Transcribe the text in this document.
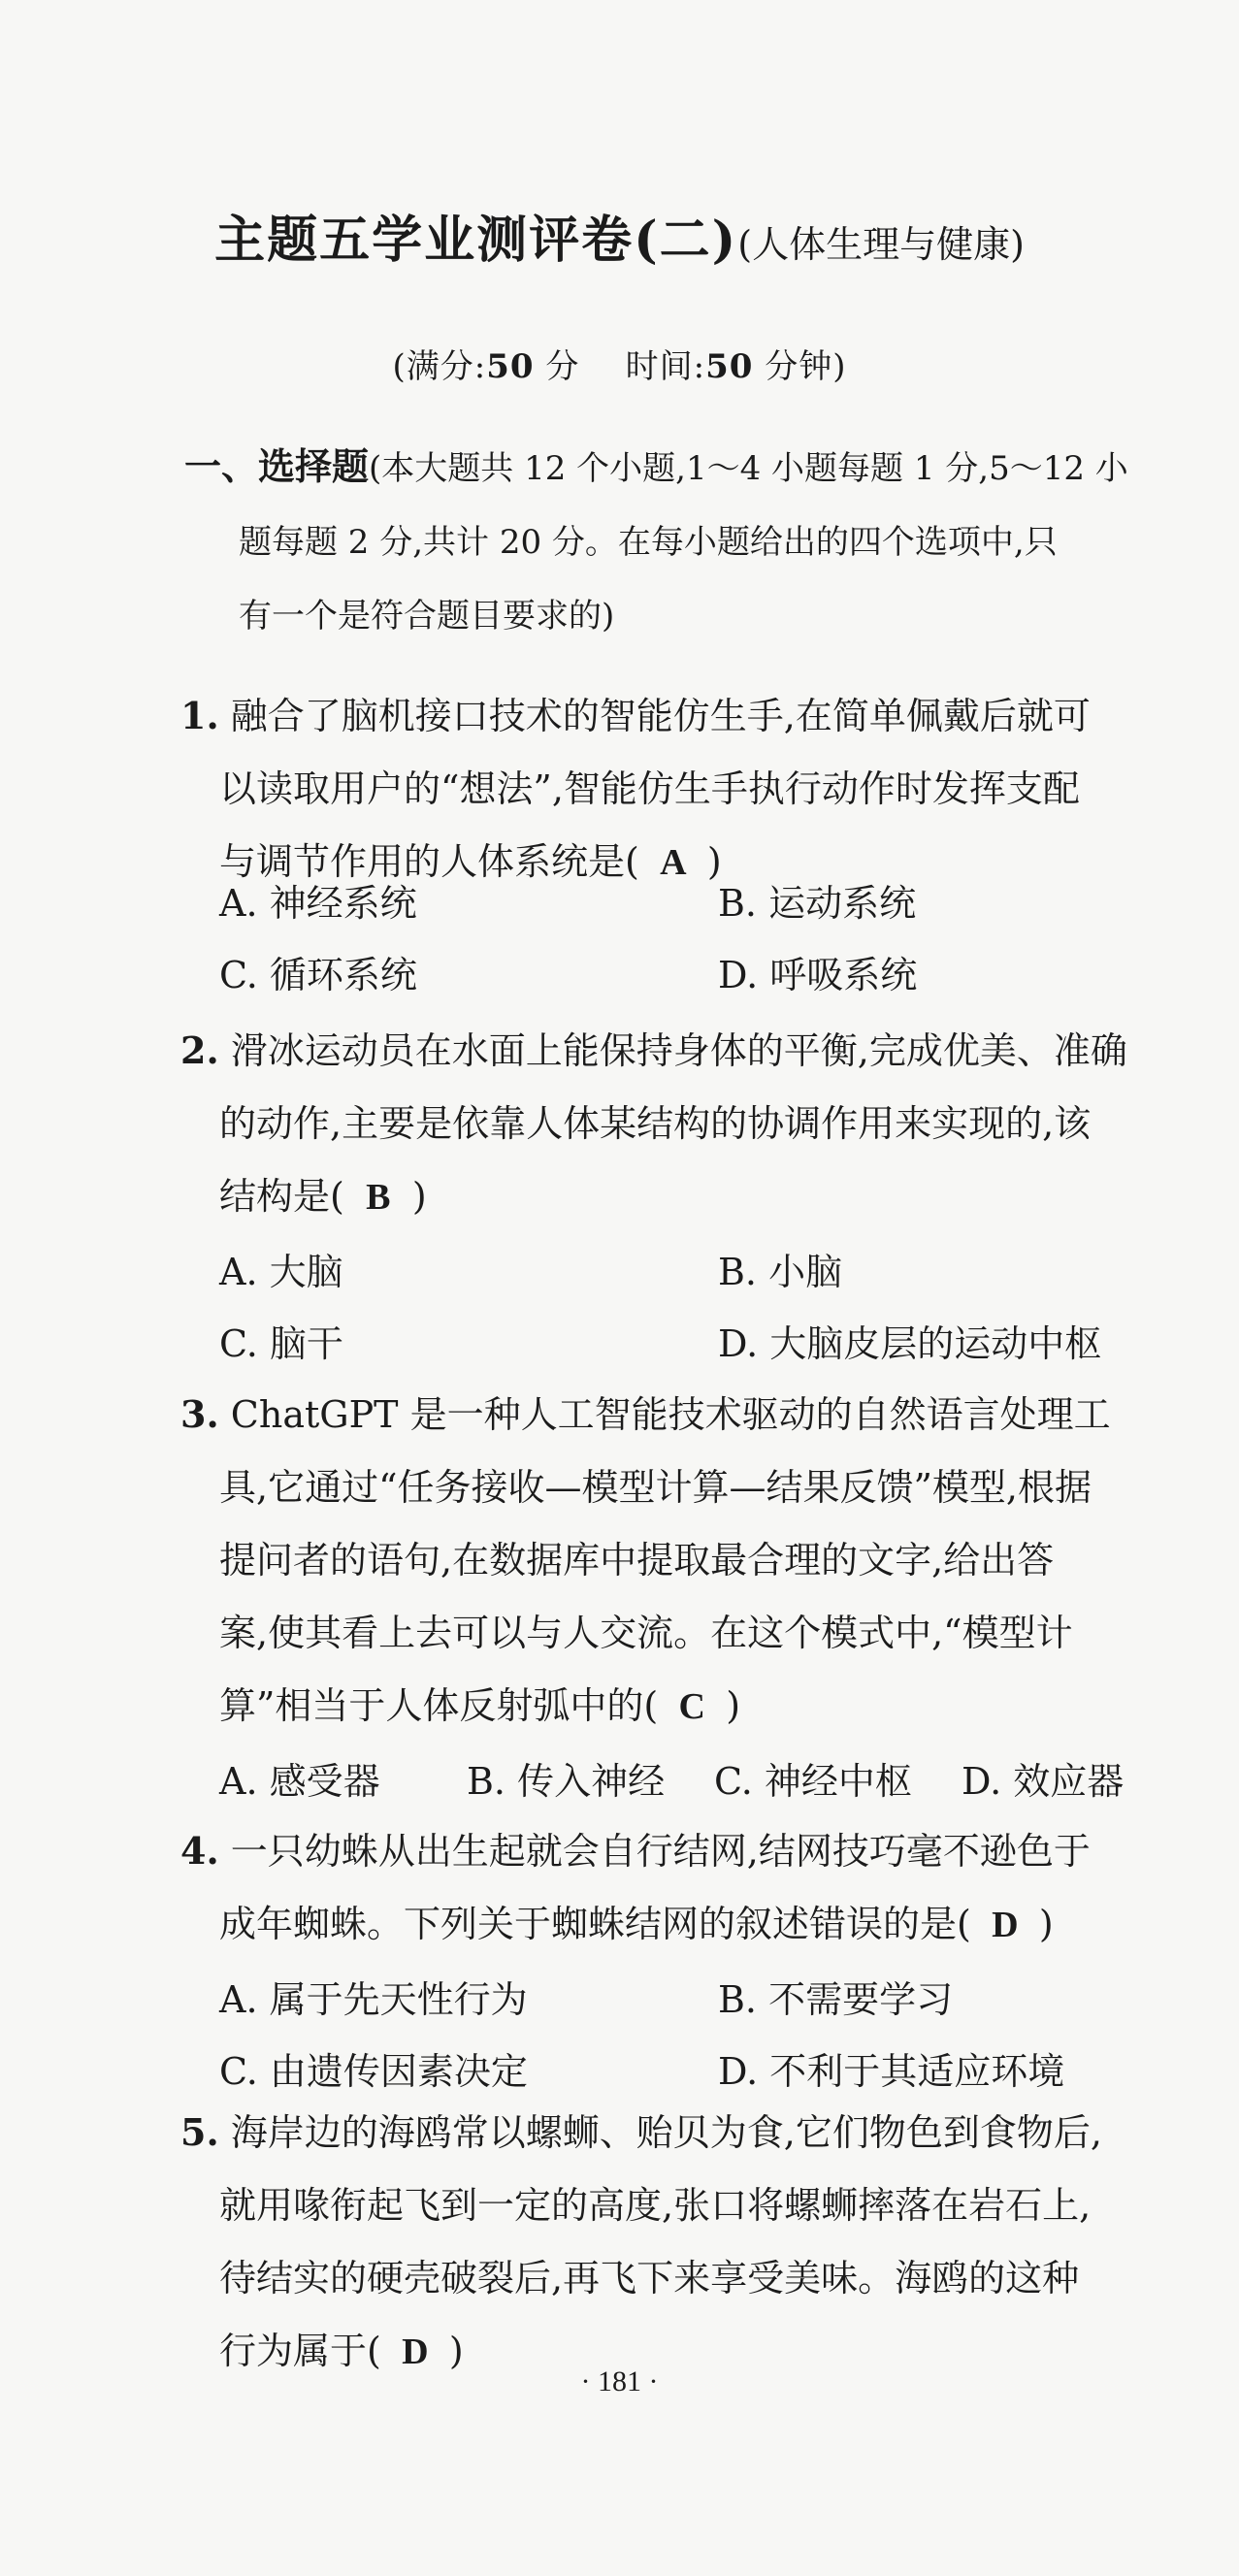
主题五学业测评卷(二)(人体生理与健康)
(满分:50 分 时间:50 分钟)
一、选择题(本大题共 12 个小题,1～4 小题每题 1 分,5～12 小
题每题 2 分,共计 20 分。在每小题给出的四个选项中,只
有一个是符合题目要求的)
1. 融合了脑机接口技术的智能仿生手,在简单佩戴后就可
以读取用户的“想法”,智能仿生手执行动作时发挥支配
与调节作用的人体系统是( A )
A. 神经系统	B. 运动系统
C. 循环系统	D. 呼吸系统
2. 滑冰运动员在水面上能保持身体的平衡,完成优美、准确
的动作,主要是依靠人体某结构的协调作用来实现的,该
结构是( B )
A. 大脑	B. 小脑
C. 脑干	D. 大脑皮层的运动中枢
3. ChatGPT 是一种人工智能技术驱动的自然语言处理工
具,它通过“任务接收—模型计算—结果反馈”模型,根据
提问者的语句,在数据库中提取最合理的文字,给出答
案,使其看上去可以与人交流。在这个模式中,“模型计
算”相当于人体反射弧中的( C )
A. 感受器 B. 传入神经 C. 神经中枢 D. 效应器
4. 一只幼蛛从出生起就会自行结网,结网技巧毫不逊色于
成年蜘蛛。下列关于蜘蛛结网的叙述错误的是( D )
A. 属于先天性行为	B. 不需要学习
C. 由遗传因素决定	D. 不利于其适应环境
5. 海岸边的海鸥常以螺蛳、贻贝为食,它们物色到食物后,
就用喙衔起飞到一定的高度,张口将螺蛳摔落在岩石上,
待结实的硬壳破裂后,再飞下来享受美味。海鸥的这种
行为属于( D )
· 181 ·
